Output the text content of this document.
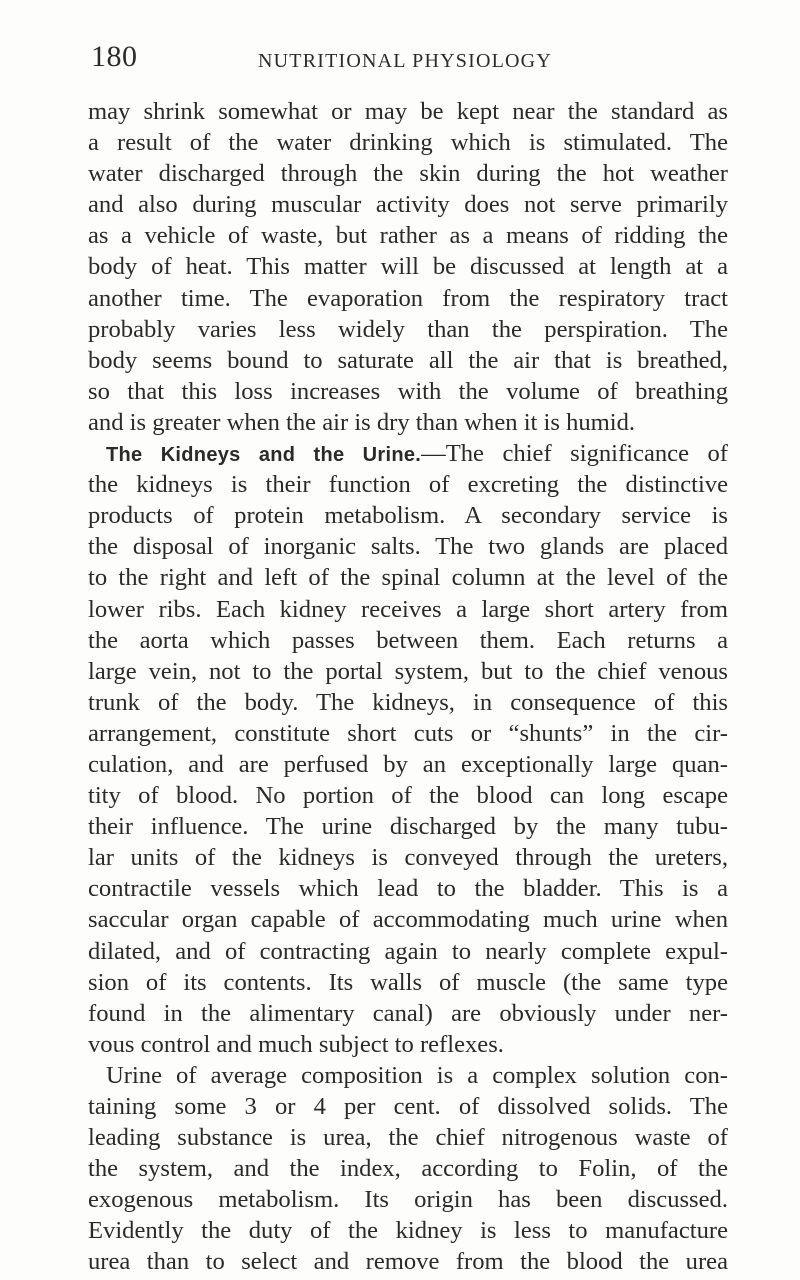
180	NUTRITIONAL PHYSIOLOGY
may shrink somewhat or may be kept near the standard as
a result of the water drinking which is stimulated. The
water discharged through the skin during the hot weather
and also during muscular activity does not serve primarily
as a vehicle of waste, but rather as a means of ridding the
body of heat. This matter will be discussed at length at a
another time. The evaporation from the respiratory tract
probably varies less widely than the perspiration. The
body seems bound to saturate all the air that is breathed,
so that this loss increases with the volume of breathing
and is greater when the air is dry than when it is humid.
The Kidneys and the Urine.—The chief significance of
the kidneys is their function of excreting the distinctive
products of protein metabolism. A secondary service is
the disposal of inorganic salts. The two glands are placed
to the right and left of the spinal column at the level of the
lower ribs. Each kidney receives a large short artery from
the aorta which passes between them. Each returns a
large vein, not to the portal system, but to the chief venous
trunk of the body. The kidneys, in consequence of this
arrangement, constitute short cuts or “shunts” in the cir-
culation, and are perfused by an exceptionally large quan-
tity of blood. No portion of the blood can long escape
their influence. The urine discharged by the many tubu-
lar units of the kidneys is conveyed through the ureters,
contractile vessels which lead to the bladder. This is a
saccular organ capable of accommodating much urine when
dilated, and of contracting again to nearly complete expul-
sion of its contents. Its walls of muscle (the same type
found in the alimentary canal) are obviously under ner-
vous control and much subject to reflexes.
Urine of average composition is a complex solution con-
taining some 3 or 4 per cent. of dissolved solids. The
leading substance is urea, the chief nitrogenous waste of
the system, and the index, according to Folin, of the
exogenous metabolism. Its origin has been discussed.
Evidently the duty of the kidney is less to manufacture
urea than to select and remove from the blood the urea
